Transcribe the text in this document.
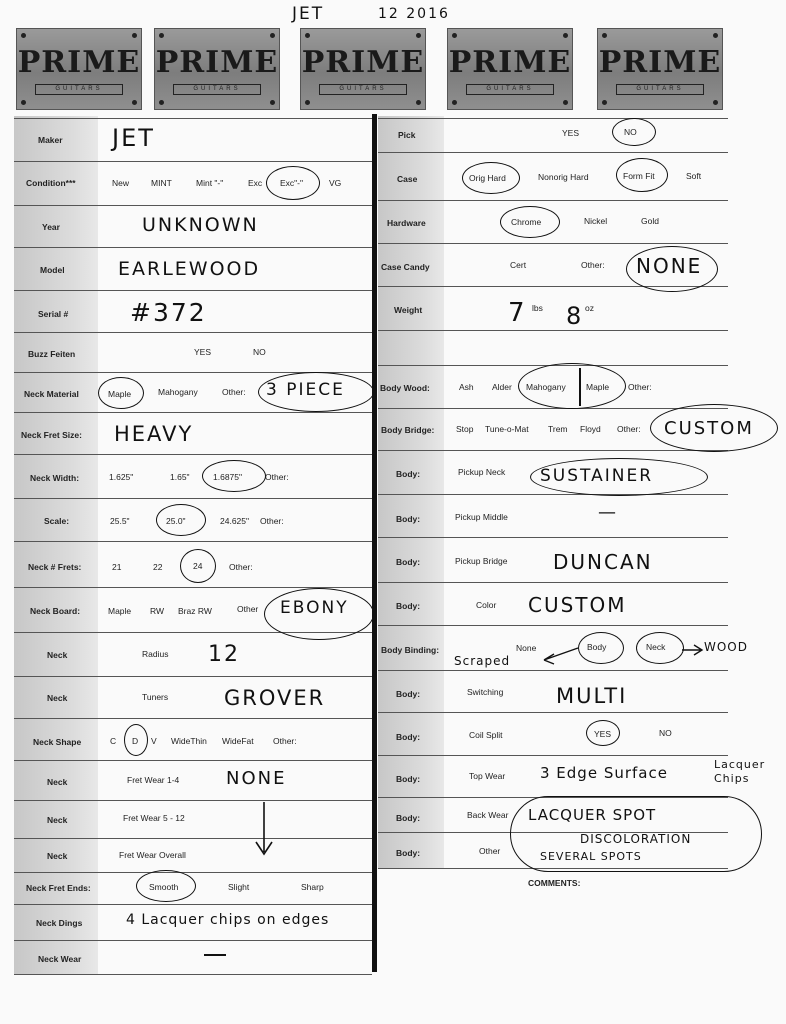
JET	12 2016
PRIME
GUITARS
PRIME
GUITARS
PRIME
GUITARS
PRIME
GUITARS
PRIME
GUITARS
Maker JET
Condition***	New	MINT	Mint "-"	Exc Exc"-"	VG
Year	UNKNOWN
Model	EARLEWOOD
Serial # #372
Buzz Feiten	YES	NO
Neck Material	Maple	Mahogany	Other: 3 PIECE
Neck Fret Size: HEAVY
Neck Width:	1.625"	1.65"	1.6875"	Other:
Scale:	25.5"	25.0"	24.625" Other:
Neck # Frets:	21	22	24	Other:
Neck Board:	Maple RW Braz RW	Other EBONY
Neck	Radius 12
Neck	Tuners	GROVER
Neck Shape	C D V WideThin WideFat Other:
Neck	Fret Wear 1-4	NONE
Neck	Fret Wear 5 - 12
Neck	Fret Wear Overall
Neck Fret Ends:	Smooth	Slight	Sharp
Neck Dings	4 Lacquer chips on edges
Neck Wear
Pick	YES	NO
Case	Orig Hard	Nonorig Hard	Form Fit	Soft
Hardware	Chrome	Nickel	Gold
Case Candy	Cert	Other: NONE
Weight	7 lbs 8 oz
Body Wood:	Ash Alder Mahogany Maple Other:
Body Bridge:	Stop Tune-o-Mat Trem Floyd Other: CUSTOM
Body:	Pickup Neck SUSTAINER
Body:	Pickup Middle	—
Body:	Pickup Bridge DUNCAN
Body:	Color CUSTOM
Body Binding:	None	Body	Neck
Scraped
WOOD
Body:	Switching	MULTI
Body:	Coil Split	YES	NO
Body:	Top Wear 3 Edge Surface	Lacquer Chips
Body:	Back Wear LACQUER SPOT
Body:	Other
DISCOLORATION
SEVERAL SPOTS
COMMENTS:
